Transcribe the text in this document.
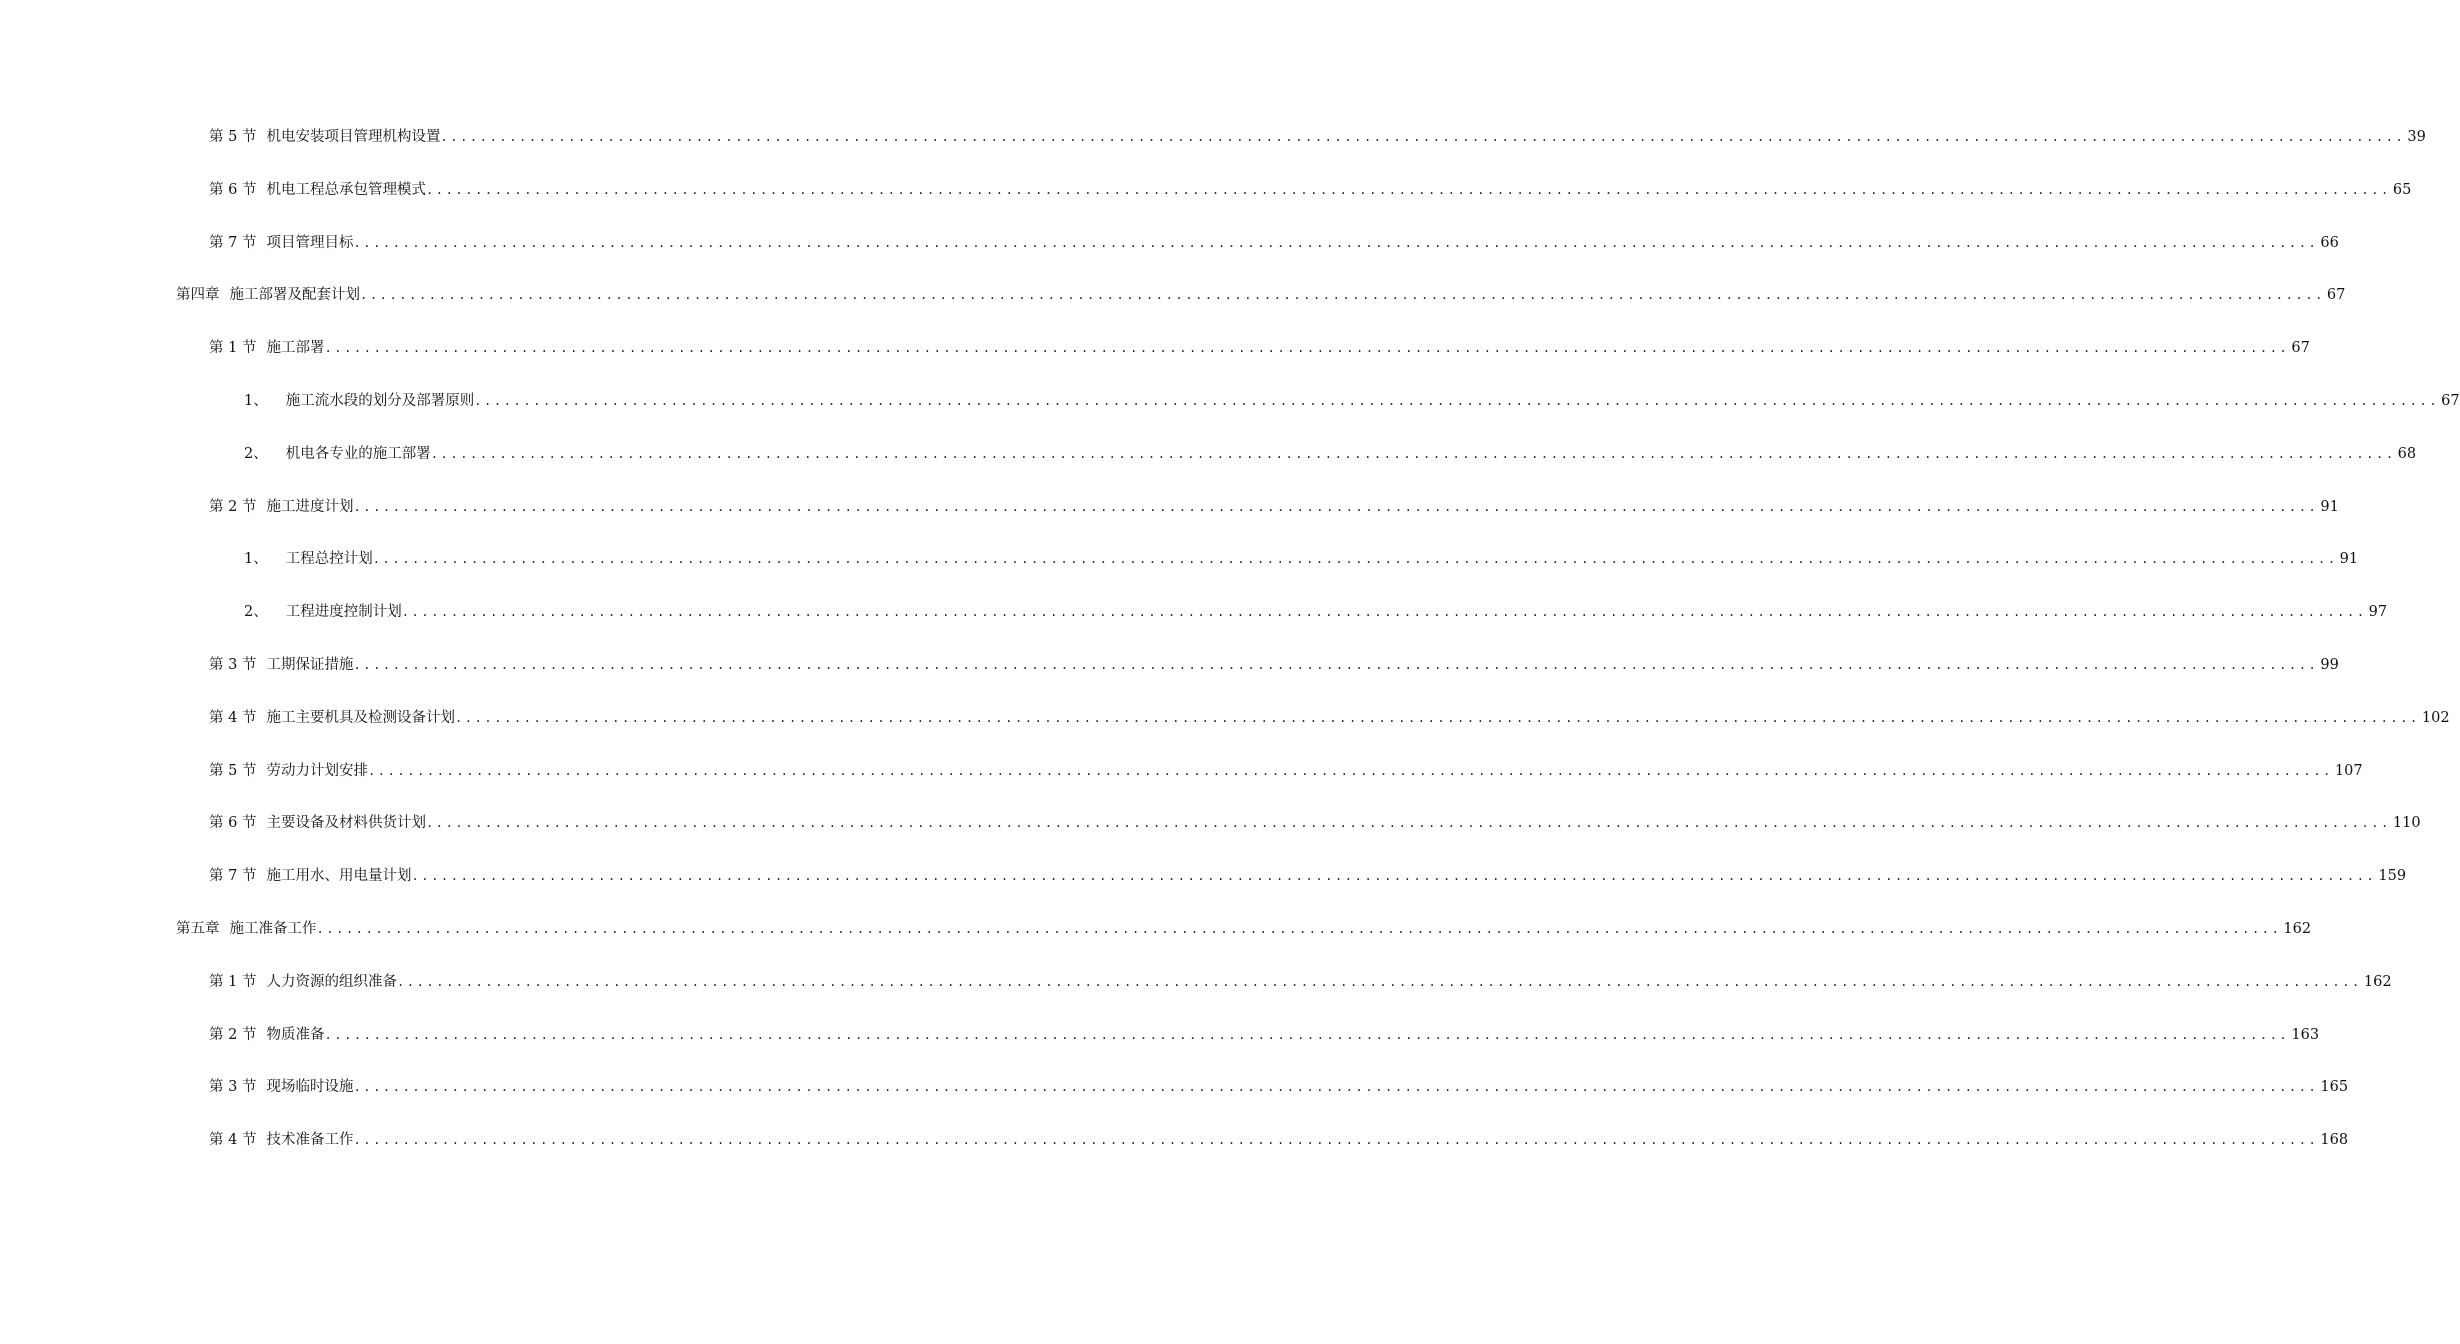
第 5 节 机电安装项目管理机构设置 ........................................................................................................................................................................................................ 39
第 6 节 机电工程总承包管理模式 ........................................................................................................................................................................................................ 65
第 7 节 项目管理目标 ........................................................................................................................................................................................................ 66
第四章 施工部署及配套计划 ........................................................................................................................................................................................................ 67
第 1 节 施工部署 ........................................................................................................................................................................................................ 67
1、 施工流水段的划分及部署原则 ........................................................................................................................................................................................................ 67
2、 机电各专业的施工部署 ........................................................................................................................................................................................................ 68
第 2 节 施工进度计划 ........................................................................................................................................................................................................ 91
1、 工程总控计划 ........................................................................................................................................................................................................ 91
2、 工程进度控制计划 ........................................................................................................................................................................................................ 97
第 3 节 工期保证措施 ........................................................................................................................................................................................................ 99
第 4 节 施工主要机具及检测设备计划 ........................................................................................................................................................................................................ 102
第 5 节 劳动力计划安排 ........................................................................................................................................................................................................ 107
第 6 节 主要设备及材料供货计划 ........................................................................................................................................................................................................ 110
第 7 节 施工用水、用电量计划 ........................................................................................................................................................................................................ 159
第五章 施工准备工作 ........................................................................................................................................................................................................ 162
第 1 节 人力资源的组织准备 ........................................................................................................................................................................................................ 162
第 2 节 物质准备 ........................................................................................................................................................................................................ 163
第 3 节 现场临时设施 ........................................................................................................................................................................................................ 165
第 4 节 技术准备工作 ........................................................................................................................................................................................................ 168
